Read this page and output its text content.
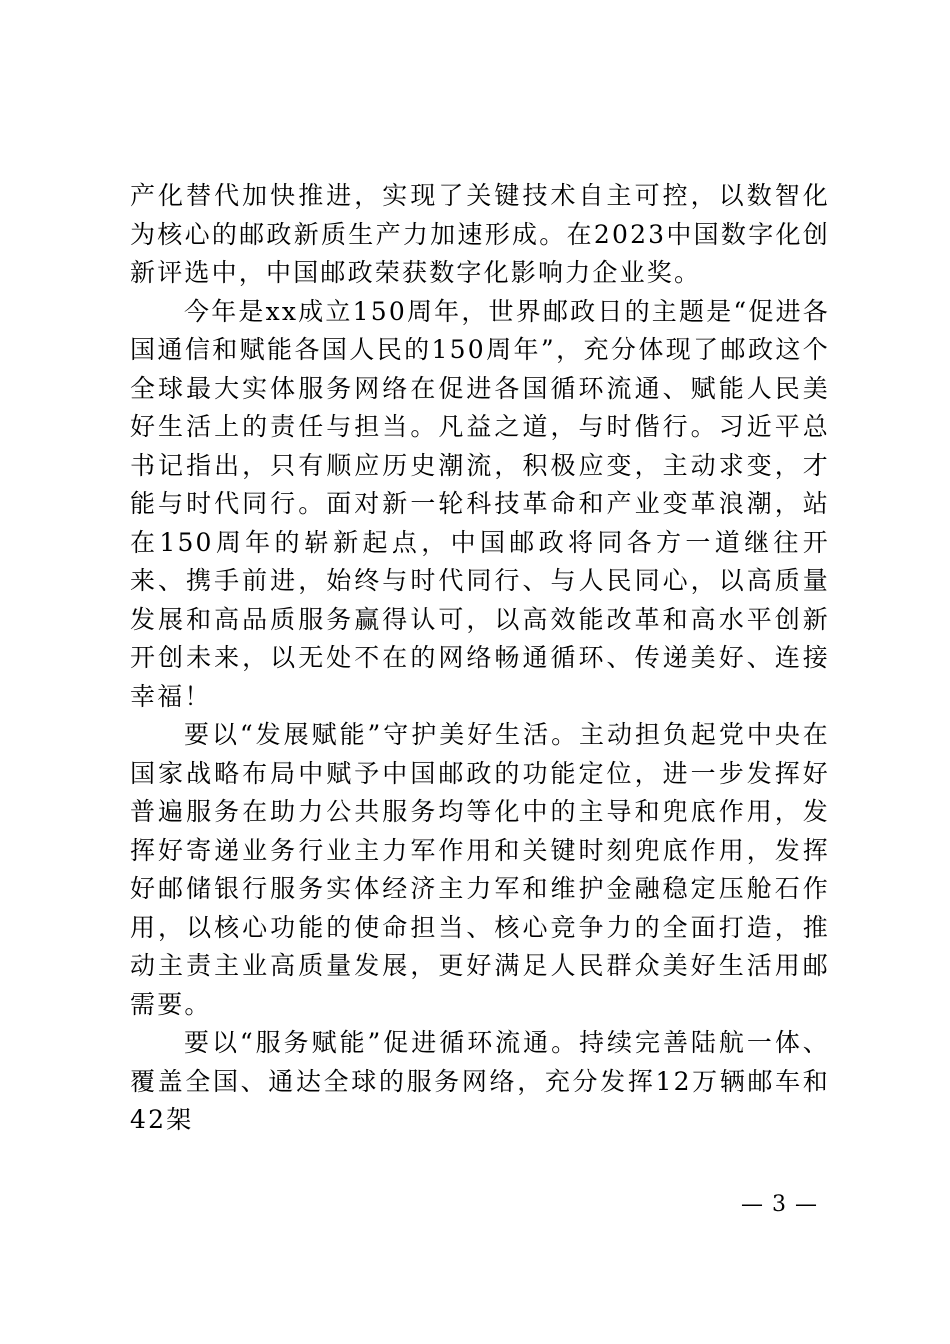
产化替代加快推进，实现了关键技术自主可控，以数智化为核心的邮政新质生产力加速形成。在2023中国数字化创新评选中，中国邮政荣获数字化影响力企业奖。

今年是xx成立150周年，世界邮政日的主题是“促进各国通信和赋能各国人民的150周年”，充分体现了邮政这个全球最大实体服务网络在促进各国循环流通、赋能人民美好生活上的责任与担当。凡益之道，与时偕行。习近平总书记指出，只有顺应历史潮流，积极应变，主动求变，才能与时代同行。面对新一轮科技革命和产业变革浪潮，站在150周年的崭新起点，中国邮政将同各方一道继往开来、携手前进，始终与时代同行、与人民同心，以高质量发展和高品质服务赢得认可，以高效能改革和高水平创新开创未来，以无处不在的网络畅通循环、传递美好、连接幸福！

要以“发展赋能”守护美好生活。主动担负起党中央在国家战略布局中赋予中国邮政的功能定位，进一步发挥好普遍服务在助力公共服务均等化中的主导和兜底作用，发挥好寄递业务行业主力军作用和关键时刻兜底作用，发挥好邮储银行服务实体经济主力军和维护金融稳定压舱石作用，以核心功能的使命担当、核心竞争力的全面打造，推动主责主业高质量发展，更好满足人民群众美好生活用邮需要。

要以“服务赋能”促进循环流通。持续完善陆航一体、覆盖全国、通达全球的服务网络，充分发挥12万辆邮车和42架

— 3 —
